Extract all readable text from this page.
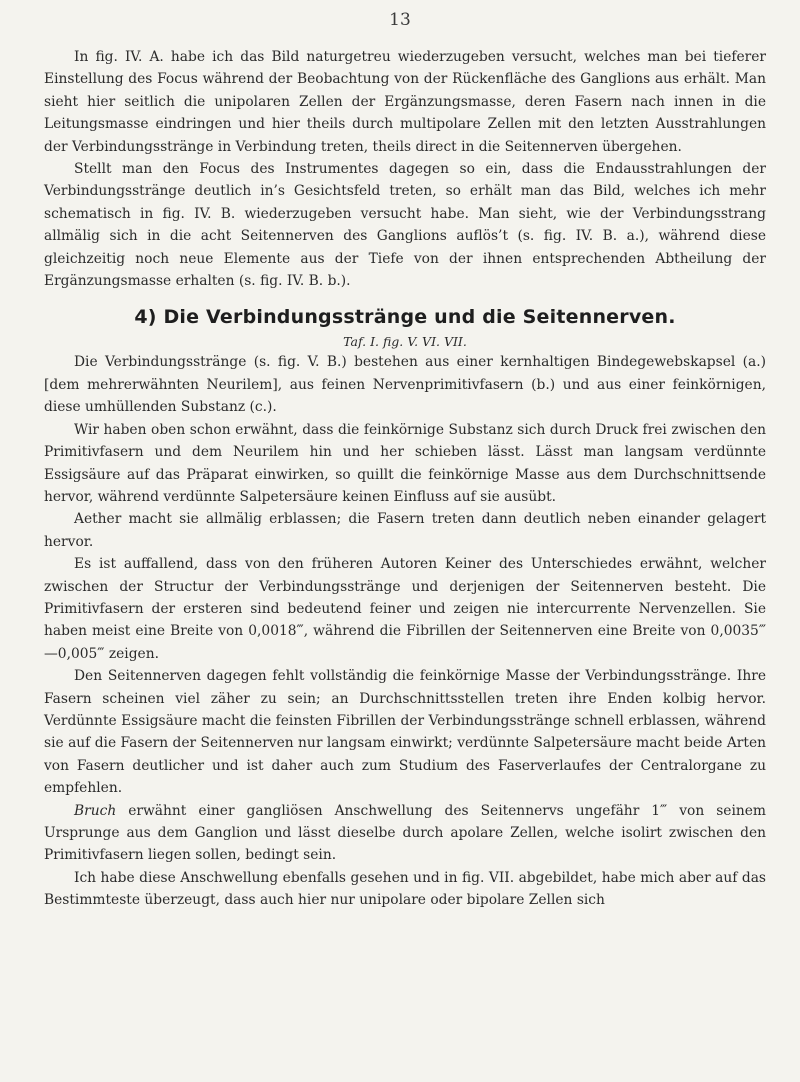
13

In fig. IV. A. habe ich das Bild naturgetreu wiederzugeben versucht, welches man bei tieferer Einstellung des Focus während der Beobachtung von der Rückenfläche des Ganglions aus erhält. Man sieht hier seitlich die unipolaren Zellen der Ergänzungsmasse, deren Fasern nach innen in die Leitungsmasse eindringen und hier theils durch multipolare Zellen mit den letzten Ausstrahlungen der Verbindungsstränge in Verbindung treten, theils direct in die Seitennerven übergehen.

Stellt man den Focus des Instrumentes dagegen so ein, dass die Endausstrahlungen der Verbindungsstränge deutlich in’s Gesichtsfeld treten, so erhält man das Bild, welches ich mehr schematisch in fig. IV. B. wiederzugeben versucht habe. Man sieht, wie der Verbindungsstrang allmälig sich in die acht Seitennerven des Ganglions auflös’t (s. fig. IV. B. a.), während diese gleichzeitig noch neue Elemente aus der Tiefe von der ihnen entsprechenden Abtheilung der Ergänzungsmasse erhalten (s. fig. IV. B. b.).

4) Die Verbindungsstränge und die Seitennerven.
Taf. I. fig. V. VI. VII.

Die Verbindungsstränge (s. fig. V. B.) bestehen aus einer kernhaltigen Bindegewebskapsel (a.) [dem mehrerwähnten Neurilem], aus feinen Nervenprimitivfasern (b.) und aus einer feinkörnigen, diese umhüllenden Substanz (c.).

Wir haben oben schon erwähnt, dass die feinkörnige Substanz sich durch Druck frei zwischen den Primitivfasern und dem Neurilem hin und her schieben lässt. Lässt man langsam verdünnte Essigsäure auf das Präparat einwirken, so quillt die feinkörnige Masse aus dem Durchschnittsende hervor, während verdünnte Salpetersäure keinen Einfluss auf sie ausübt.

Aether macht sie allmälig erblassen; die Fasern treten dann deutlich neben einander gelagert hervor.

Es ist auffallend, dass von den früheren Autoren Keiner des Unterschiedes erwähnt, welcher zwischen der Structur der Verbindungsstränge und derjenigen der Seitennerven besteht. Die Primitivfasern der ersteren sind bedeutend feiner und zeigen nie intercurrente Nervenzellen. Sie haben meist eine Breite von 0,0018‴, während die Fibrillen der Seitennerven eine Breite von 0,0035‴—0,005‴ zeigen.

Den Seitennerven dagegen fehlt vollständig die feinkörnige Masse der Verbindungsstränge. Ihre Fasern scheinen viel zäher zu sein; an Durchschnittsstellen treten ihre Enden kolbig hervor. Verdünnte Essigsäure macht die feinsten Fibrillen der Verbindungsstränge schnell erblassen, während sie auf die Fasern der Seitennerven nur langsam einwirkt; verdünnte Salpetersäure macht beide Arten von Fasern deutlicher und ist daher auch zum Studium des Faserverlaufes der Centralorgane zu empfehlen.

Bruch erwähnt einer gangliösen Anschwellung des Seitennervs ungefähr 1‴ von seinem Ursprunge aus dem Ganglion und lässt dieselbe durch apolare Zellen, welche isolirt zwischen den Primitivfasern liegen sollen, bedingt sein.

Ich habe diese Anschwellung ebenfalls gesehen und in fig. VII. abgebildet, habe mich aber auf das Bestimmteste überzeugt, dass auch hier nur unipolare oder bipolare Zellen sich
